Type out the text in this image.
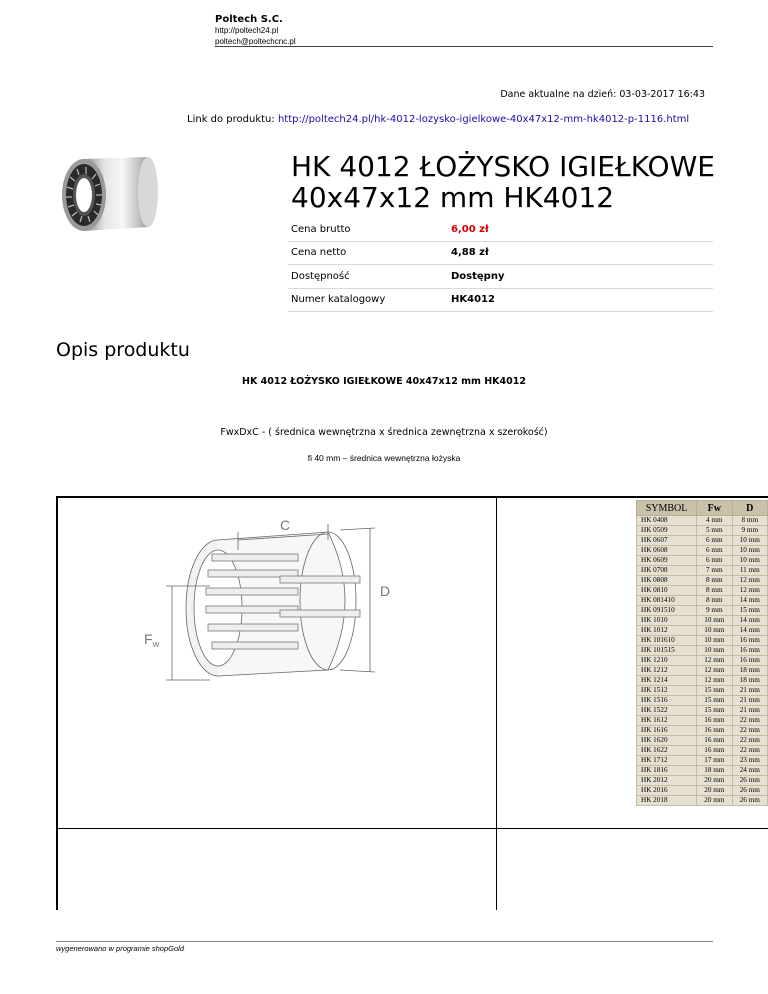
Poltech S.C.
http://poltech24.pl
poltech@poltechcnc.pl
Dane aktualne na dzień: 03-03-2017 16:43
Link do produktu: http://poltech24.pl/hk-4012-lozysko-igielkowe-40x47x12-mm-hk4012-p-1116.html
HK 4012 ŁOŻYSKO IGIEŁKOWE
40x47x12 mm HK4012
Cena brutto	6,00 zł
Cena netto	4,88 zł
Dostępność	Dostępny
Numer katalogowy	HK4012
Opis produktu
HK 4012 ŁOŻYSKO IGIEŁKOWE 40x47x12 mm HK4012
FwxDxC - ( średnica wewnętrzna x średnica zewnętrzna x szerokość)
fi 40 mm – średnica wewnętrzna łożyska
C
D
$F_w$
SYMBOL	Fw	D
HK 0408	4 mm	8 mm
HK 0509	5 mm	9 mm
HK 0607	6 mm	10 mm
HK 0608	6 mm	10 mm
HK 0609	6 mm	10 mm
HK 0708	7 mm	11 mm
HK 0808	8 mm	12 mm
HK 0810	8 mm	12 mm
HK 081410	8 mm	14 mm
HK 091510	9 mm	15 mm
HK 1010	10 mm	14 mm
HK 1012	10 mm	14 mm
HK 101610	10 mm	16 mm
HK 101515	10 mm	16 mm
HK 1210	12 mm	16 mm
HK 1212	12 mm	18 mm
HK 1214	12 mm	18 mm
HK 1512	15 mm	21 mm
HK 1516	15 mm	21 mm
HK 1522	15 mm	21 mm
HK 1612	16 mm	22 mm
HK 1616	16 mm	22 mm
HK 1620	16 mm	22 mm
HK 1622	16 mm	22 mm
HK 1712	17 mm	23 mm
HK 1816	18 mm	24 mm
HK 2012	20 mm	26 mm
HK 2016	20 mm	26 mm
HK 2018	20 mm	26 mm
wygenerowano w programie shopGold
